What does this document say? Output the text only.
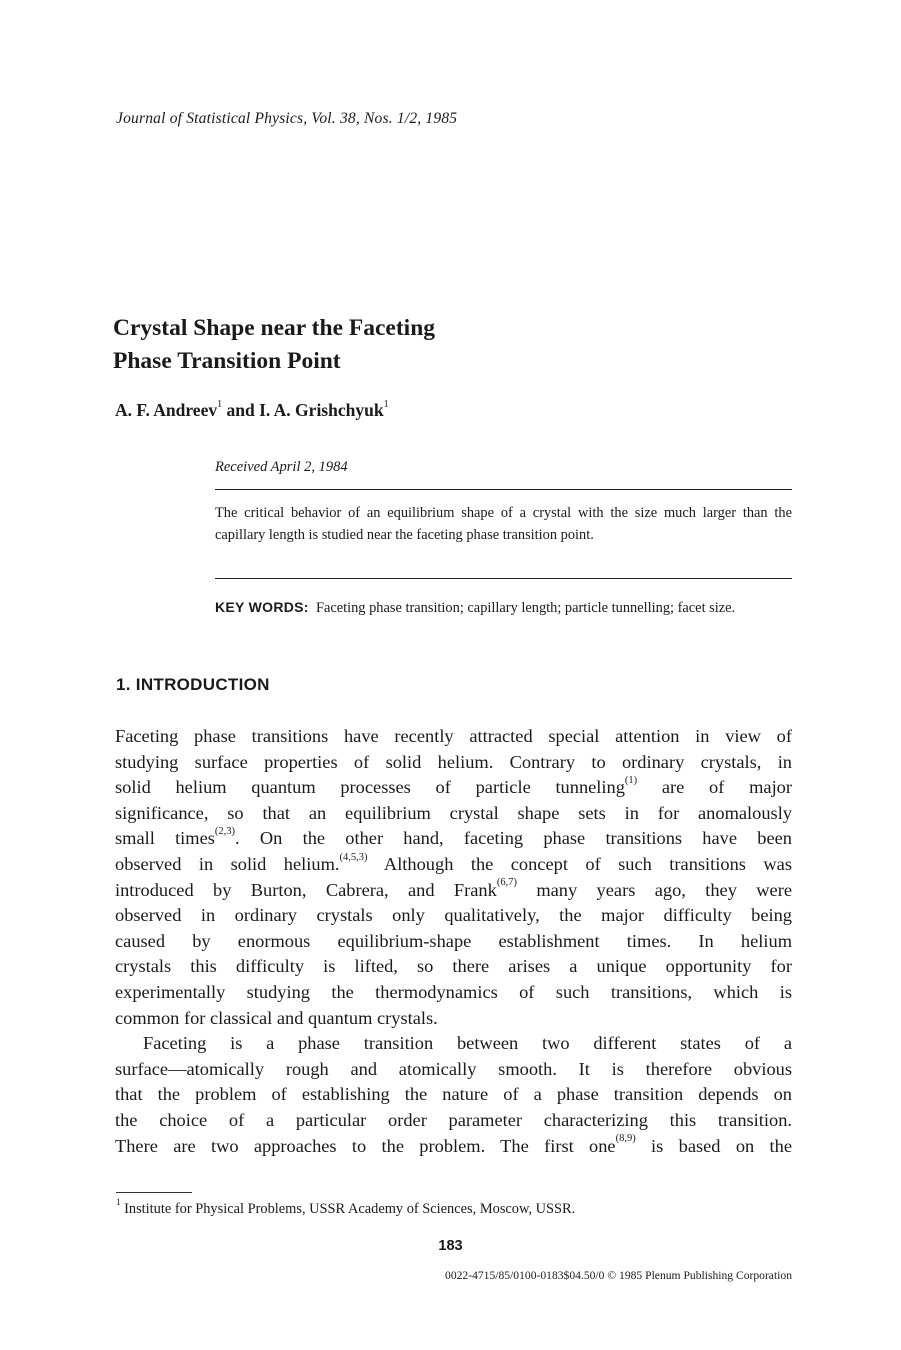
Journal of Statistical Physics, Vol. 38, Nos. 1/2, 1985
Crystal Shape near the Faceting
Phase Transition Point
A. F. Andreev$^1$ and I. A. Grishchyuk$^1$
Received April 2, 1984

The critical behavior of an equilibrium shape of a crystal with the size much larger than the capillary length is studied near the faceting phase transition point.

KEY WORDS: Faceting phase transition; capillary length; particle tunnelling; facet size.

1. INTRODUCTION
Faceting phase transitions have recently attracted special attention in view of
studying surface properties of solid helium. Contrary to ordinary crystals, in
solid helium quantum processes of particle tunneling$^{(1)}$ are of major
significance, so that an equilibrium crystal shape sets in for anomalously
small times$^{(2,3)}$. On the other hand, faceting phase transitions have been
observed in solid helium.$^{(4,5,3)}$ Although the concept of such transitions was
introduced by Burton, Cabrera, and Frank$^{(6,7)}$ many years ago, they were
observed in ordinary crystals only qualitatively, the major difficulty being
caused by enormous equilibrium-shape establishment times. In helium
crystals this difficulty is lifted, so there arises a unique opportunity for
experimentally studying the thermodynamics of such transitions, which is
common for classical and quantum crystals.
Faceting is a phase transition between two different states of a
surface—atomically rough and atomically smooth. It is therefore obvious
that the problem of establishing the nature of a phase transition depends on
the choice of a particular order parameter characterizing this transition.
There are two approaches to the problem. The first one$^{(8,9)}$ is based on the
$^1$ Institute for Physical Problems, USSR Academy of Sciences, Moscow, USSR.
183
0022-4715/85/0100-0183$04.50/0 © 1985 Plenum Publishing Corporation
